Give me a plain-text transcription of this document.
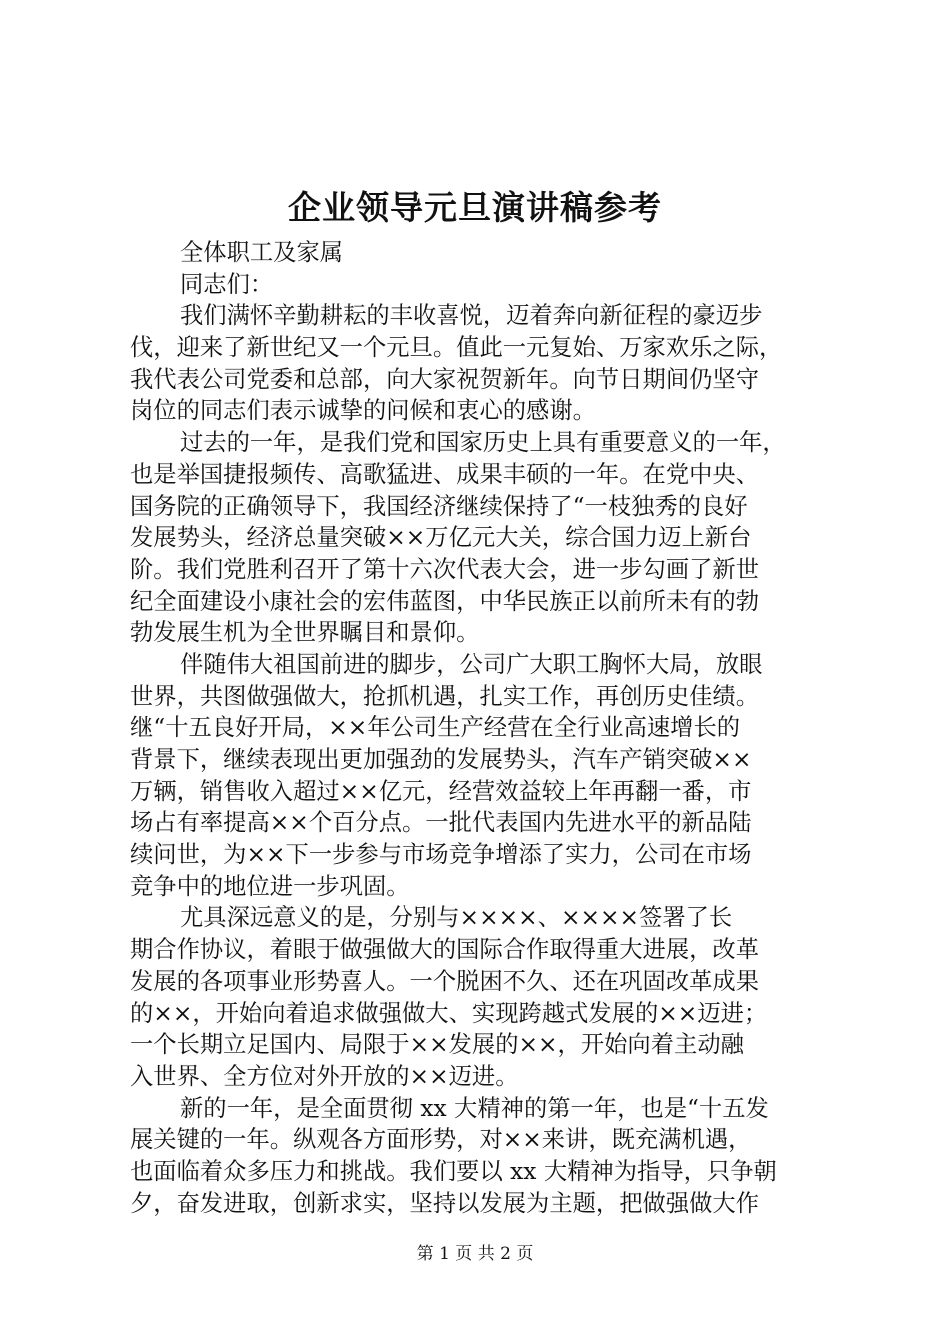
企业领导元旦演讲稿参考
全体职工及家属
同志们：
我们满怀辛勤耕耘的丰收喜悦，迈着奔向新征程的豪迈步
伐，迎来了新世纪又一个元旦。值此一元复始、万家欢乐之际，
我代表公司党委和总部，向大家祝贺新年。向节日期间仍坚守
岗位的同志们表示诚挚的问候和衷心的感谢。
过去的一年，是我们党和国家历史上具有重要意义的一年，
也是举国捷报频传、高歌猛进、成果丰硕的一年。在党中央、
国务院的正确领导下，我国经济继续保持了“一枝独秀的良好
发展势头，经济总量突破××万亿元大关，综合国力迈上新台
阶。我们党胜利召开了第十六次代表大会，进一步勾画了新世
纪全面建设小康社会的宏伟蓝图，中华民族正以前所未有的勃
勃发展生机为全世界瞩目和景仰。
伴随伟大祖国前进的脚步，公司广大职工胸怀大局，放眼
世界，共图做强做大，抢抓机遇，扎实工作，再创历史佳绩。
继“十五良好开局，××年公司生产经营在全行业高速增长的
背景下，继续表现出更加强劲的发展势头，汽车产销突破××
万辆，销售收入超过××亿元，经营效益较上年再翻一番，市
场占有率提高××个百分点。一批代表国内先进水平的新品陆
续问世，为××下一步参与市场竞争增添了实力，公司在市场
竞争中的地位进一步巩固。
尤具深远意义的是，分别与××××、××××签署了长
期合作协议，着眼于做强做大的国际合作取得重大进展，改革
发展的各项事业形势喜人。一个脱困不久、还在巩固改革成果
的××，开始向着追求做强做大、实现跨越式发展的××迈进；
一个长期立足国内、局限于××发展的××，开始向着主动融
入世界、全方位对外开放的××迈进。
新的一年，是全面贯彻 xx 大精神的第一年，也是“十五发
展关键的一年。纵观各方面形势，对××来讲，既充满机遇，
也面临着众多压力和挑战。我们要以 xx 大精神为指导，只争朝
夕，奋发进取，创新求实，坚持以发展为主题，把做强做大作
第 1 页 共 2 页
